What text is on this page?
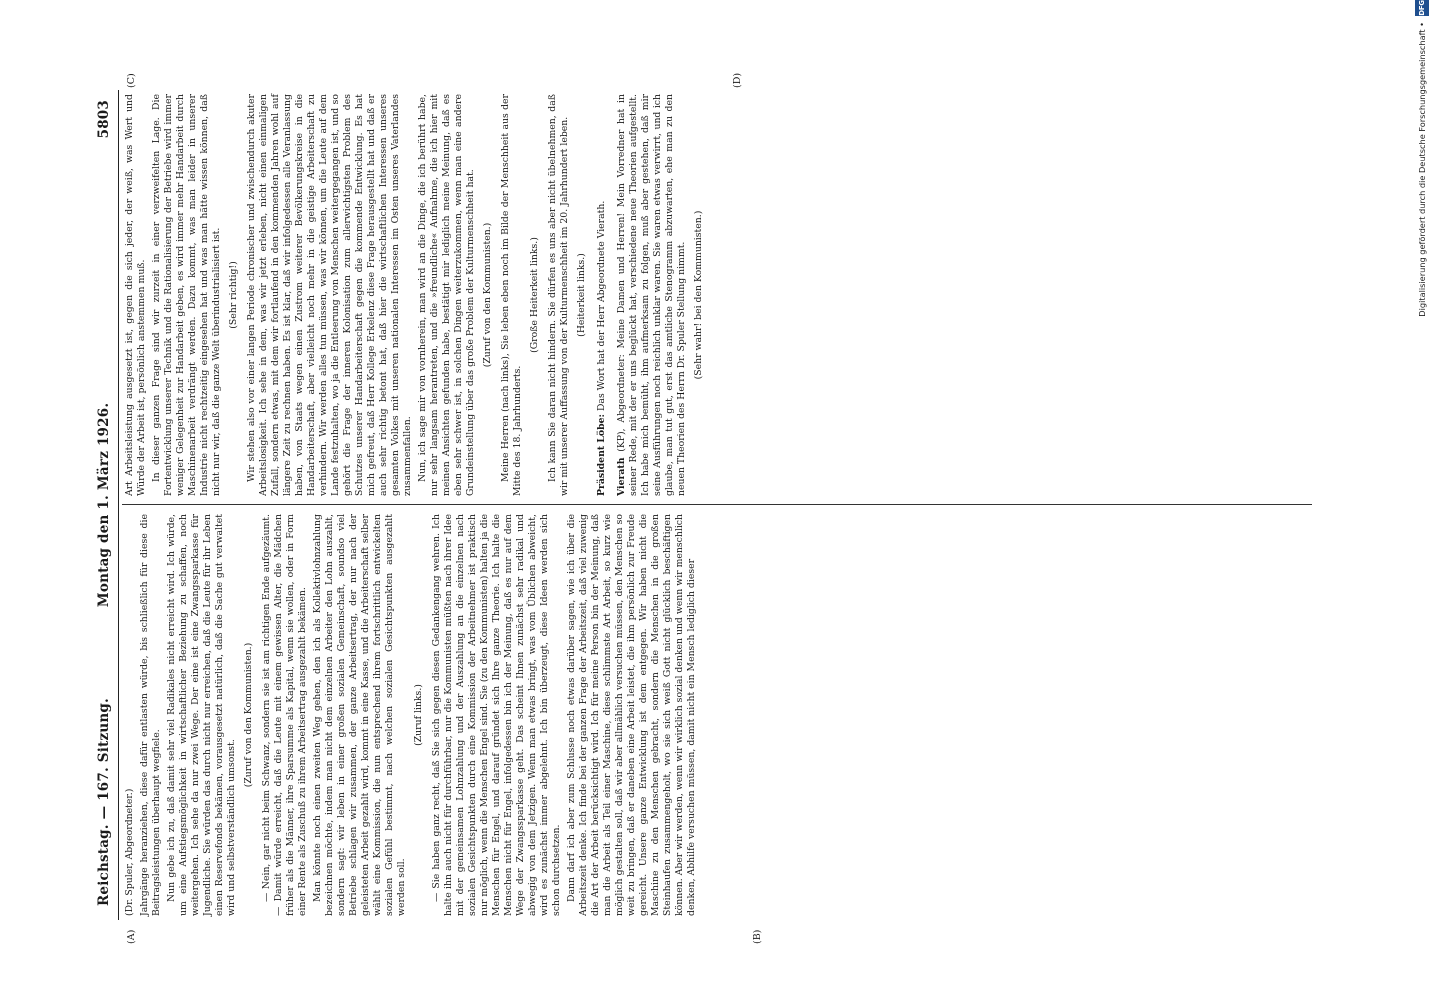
Reichstag. — 167. Sitzung.
Montag den 1. März 1926.
5803
(A)	(B)
(C)	(D)

(Dr. Spuler, Abgeordneter.) Jahrgänge heranziehen, diese dafür entlasten würde, bis schließlich für diese die Beitragsleistungen überhaupt wegfiele. Nun gebe ich zu, daß damit sehr viel Radikales nicht erreicht wird. Ich würde, um eine Aufstiegsmöglichkeit in wirtschaftlicher Beziehung zu schaffen, noch weitergehen. Ich sehe da nur zwei Wege. Der eine ist eine Zwangssparkasse für Jugendliche. Sie würden das durch nicht nur erreichen, daß die Leute für ihr Leben einen Reservefonds bekämen, vorausgesetzt natürlich, daß die Sache gut verwaltet wird und selbstverständlich umsonst.

(Zuruf von den Kommunisten.) — Nein, gar nicht beim Schwanz, sondern sie ist am richtigen Ende aufgezäumt. — Damit würde erreicht, daß die Leute mit einem gewissen Alter, die Mädchen früher als die Männer, ihre Sparsumme als Kapital, wenn sie wollen, oder in Form einer Rente als Zuschuß zu ihrem Arbeitsertrag ausgezahlt bekämen. Man könnte noch einen zweiten Weg gehen, den ich als Kollektivlohnzahlung bezeichnen möchte, indem man nicht dem einzelnen Arbeiter den Lohn auszahlt, sondern sagt: wir leben in einer großen sozialen Gemeinschaft, soundso viel Betriebe schlagen wir zusammen, der ganze Arbeitsertrag, der nur nach der geleisteten Arbeit gezahlt wird, kommt in eine Kasse, und die Arbeiterschaft selber wählt eine Kommission, die nun entsprechend ihrem fortschrittlich entwickelten sozialen Gefühl bestimmt, nach welchen sozialen Gesichtspunkten ausgezahlt werden soll.

(Zuruf links.) — Sie haben ganz recht, daß Sie sich gegen diesen Gedankengang wehren. Ich halte ihn auch nicht für durchführbar, nur die Kommunisten müßten nach ihrer Idee mit der gemeinsamen Lohnzahlung und der Auszahlung an die einzelnen nach sozialen Gesichtspunkten durch eine Kommission der Arbeitnehmer ist praktisch nur möglich, wenn die Menschen Engel sind. Sie (zu den Kommunisten) halten ja die Menschen für Engel, und darauf gründet sich Ihre ganze Theorie. Ich halte die Menschen nicht für Engel, infolgedessen bin ich der Meinung, daß es nur auf dem Wege der Zwangssparkasse geht. Das scheint Ihnen zunächst sehr radikal und abwegig von dem Jetzigen. Wenn man etwas bringt, was vom Üblichen abweicht, wird es zunächst immer abgelehnt. Ich bin überzeugt, diese Ideen werden sich schon durchsetzen. Dann darf ich aber zum Schlusse noch etwas darüber sagen, wie ich über die Arbeitszeit denke. Ich finde bei der ganzen Frage der Arbeitszeit, daß viel zuwenig die Art der Arbeit berücksichtigt wird. Ich für meine Person bin der Meinung, daß man die Arbeit als Teil einer Maschine, diese schlimmste Art Arbeit, so kurz wie möglich gestalten soll, daß wir aber allmählich versuchen müssen, den Menschen so weit zu bringen, daß er daneben eine Arbeit leistet, die ihm persönlich zur Freude gereicht. Unsere ganze Entwicklung ist dem entgegen. Wir haben nicht die Maschine zu den Menschen gebracht, sondern die Menschen in die großen Steinhaufen zusammengeholt, wo sie sich weiß Gott nicht glücklich beschäftigen können. Aber wir werden, wenn wir wirklich sozial denken und wenn wir menschlich denken, Abhilfe versuchen müssen, damit nicht ein Mensch lediglich dieser

Art Arbeitsleistung ausgesetzt ist, gegen die sich jeder, der weiß, was Wert und Würde der Arbeit ist, persönlich anstemmen muß. In dieser ganzen Frage sind wir zurzeit in einer verzweifelten Lage. Die Fortentwicklung unserer Technik und die Rationalisierung der Betriebe wird immer weniger Gelegenheit zur Handarbeit geben, es wird immer mehr Handarbeit durch Maschinenarbeit verdrängt werden. Dazu kommt, was man leider in unserer Industrie nicht rechtzeitig eingesehen hat und was man hätte wissen können, daß nicht nur wir, daß die ganze Welt überindustrialisiert ist. (Sehr richtig!) Wir stehen also vor einer langen Periode chronischer und zwischendurch akuter Arbeitslosigkeit. Ich sehe in dem, was wir jetzt erleben, nicht einen einmaligen Zufall, sondern etwas, mit dem wir fortlaufend in den kommenden Jahren wohl auf längere Zeit zu rechnen haben. Es ist klar, daß wir infolgedessen alle Veranlassung haben, von Staats wegen einen Zustrom weiterer Bevölkerungskreise in die Handarbeiterschaft, aber vielleicht noch mehr in die geistige Arbeiterschaft zu verhindern. Wir werden alles tun müssen, was wir können, um die Leute auf dem Lande festzuhalten, wo ja die Entleerung von Menschen weitergegangen ist, und so gehört die Frage der inneren Kolonisation zum allerwichtigsten Problem des Schutzes unserer Handarbeiterschaft gegen die kommende Entwicklung. Es hat mich gefreut, daß Herr Kollege Erkelenz diese Frage herausgestellt hat und daß er auch sehr richtig betont hat, daß hier die wirtschaftlichen Interessen unseres gesamten Volkes mit unseren nationalen Interessen im Osten unseres Vaterlandes zusammenfallen. Nun, ich sage mir von vornherein, man wird an die Dinge, die ich berührt habe, nur sehr langsam herantreten, und die »freundliche« Aufnahme, die ich hier mit meinen Ansichten gefunden habe, bestätigt mir lediglich meine Meinung, daß es eben sehr schwer ist, in solchen Dingen weiterzukommen, wenn man eine andere Grundeinstellung über das große Problem der Kulturmenschheit hat. (Zuruf von den Kommunisten.) Meine Herren (nach links), Sie leben eben noch im Bilde der Menschheit aus der Mitte des 18. Jahrhunderts.

(Große Heiterkeit links.) Ich kann Sie daran nicht hindern. Sie dürfen es uns aber nicht übelnehmen, daß wir mit unserer Auffassung von der Kulturmenschheit im 20. Jahrhundert leben. (Heiterkeit links.)

Präsident Löbe: Das Wort hat der Herr Abgeordnete Vierath.

Vierath (KP), Abgeordneter: Meine Damen und Herren! Mein Vorredner hat in seiner Rede, mit der er uns beglückt hat, verschiedene neue Theorien aufgestellt. Ich habe mich bemüht, ihm aufmerksam zu folgen, muß aber gestehen, daß mir seine Ausführungen noch reichlich unklar waren. Sie waren etwas verwirrt, und ich glaube, man tut gut, erst das amtliche Stenogramm abzuwarten, ehe man zu den neuen Theorien des Herrn Dr. Spuler Stellung nimmt. (Sehr wahr! bei den Kommunisten.)	Digitalisierung gefördert durch die Deutsche Forschungsgemeinschaft •
DFG
